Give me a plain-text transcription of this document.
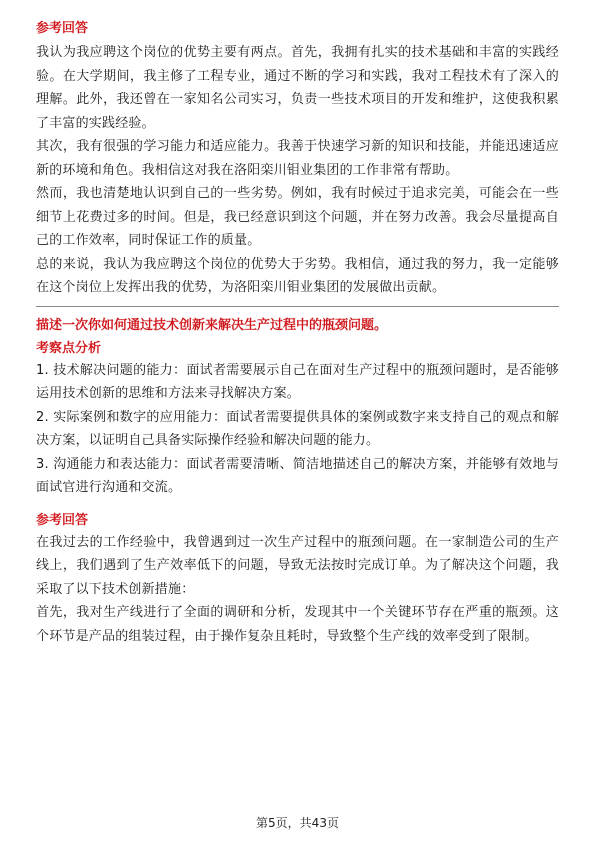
参考回答

我认为我应聘这个岗位的优势主要有两点。首先，我拥有扎实的技术基础和丰富的实践经验。在大学期间，我主修了工程专业，通过不断的学习和实践，我对工程技术有了深入的理解。此外，我还曾在一家知名公司实习，负责一些技术项目的开发和维护，这使我积累了丰富的实践经验。

其次，我有很强的学习能力和适应能力。我善于快速学习新的知识和技能，并能迅速适应新的环境和角色。我相信这对我在洛阳栾川钼业集团的工作非常有帮助。

然而，我也清楚地认识到自己的一些劣势。例如，我有时候过于追求完美，可能会在一些细节上花费过多的时间。但是，我已经意识到这个问题，并在努力改善。我会尽量提高自己的工作效率，同时保证工作的质量。

总的来说，我认为我应聘这个岗位的优势大于劣势。我相信，通过我的努力，我一定能够在这个岗位上发挥出我的优势，为洛阳栾川钼业集团的发展做出贡献。

描述一次你如何通过技术创新来解决生产过程中的瓶颈问题。
考察点分析

1. 技术解决问题的能力：面试者需要展示自己在面对生产过程中的瓶颈问题时，是否能够运用技术创新的思维和方法来寻找解决方案。

2. 实际案例和数字的应用能力：面试者需要提供具体的案例或数字来支持自己的观点和解决方案，以证明自己具备实际操作经验和解决问题的能力。

3. 沟通能力和表达能力：面试者需要清晰、简洁地描述自己的解决方案，并能够有效地与面试官进行沟通和交流。

参考回答

在我过去的工作经验中，我曾遇到过一次生产过程中的瓶颈问题。在一家制造公司的生产线上，我们遇到了生产效率低下的问题，导致无法按时完成订单。为了解决这个问题，我采取了以下技术创新措施：

首先，我对生产线进行了全面的调研和分析，发现其中一个关键环节存在严重的瓶颈。这个环节是产品的组装过程，由于操作复杂且耗时，导致整个生产线的效率受到了限制。

第5页，共43页
